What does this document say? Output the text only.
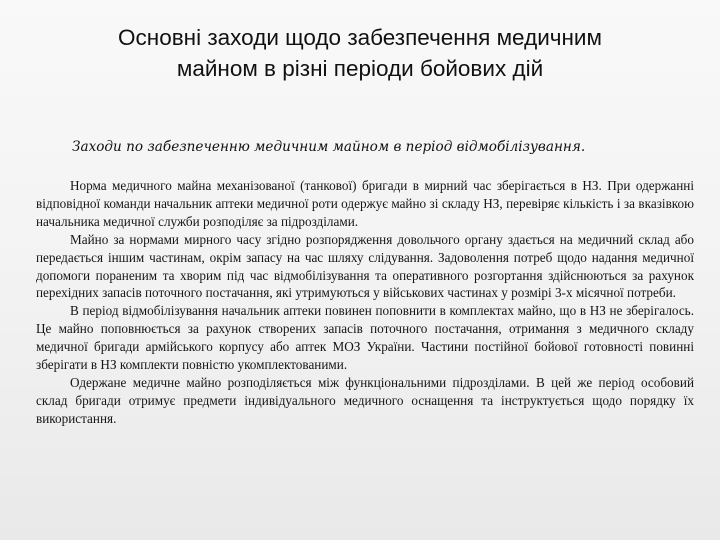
Основні заходи щодо забезпечення медичним
майном в різні періоди бойових дій
Заходи по забезпеченню медичним майном в період відмобілізування.

Норма медичного майна механізованої (танкової) бригади в мирний час зберігається в НЗ. При одержанні відповідної команди начальник аптеки медичної роти одержує майно зі складу НЗ, перевіряє кількість і за вказівкою начальника медичної служби розподіляє за підрозділами.

Майно за нормами мирного часу згідно розпорядження довольчого органу здається на медичний склад або передається іншим частинам, окрім запасу на час шляху слідування. Задоволення потреб щодо надання медичної допомоги пораненим та хворим під час відмобілізування та оперативного розгортання здійснюються за рахунок перехідних запасів поточного постачання, які утримуються у військових частинах у розмірі 3-х місячної потреби.

В період відмобілізування начальник аптеки повинен поповнити в комплектах майно, що в НЗ не зберігалось. Це майно поповнюється за рахунок створених запасів поточного постачання, отримання з медичного складу медичної бригади армійського корпусу або аптек МОЗ України. Частини постійної бойової готовності повинні зберігати в НЗ комплекти повністю укомплектованими.

Одержане медичне майно розподіляється між функціональними підрозділами. В цей же період особовий склад бригади отримує предмети індивідуального медичного оснащення та інструктується щодо порядку їх використання.
